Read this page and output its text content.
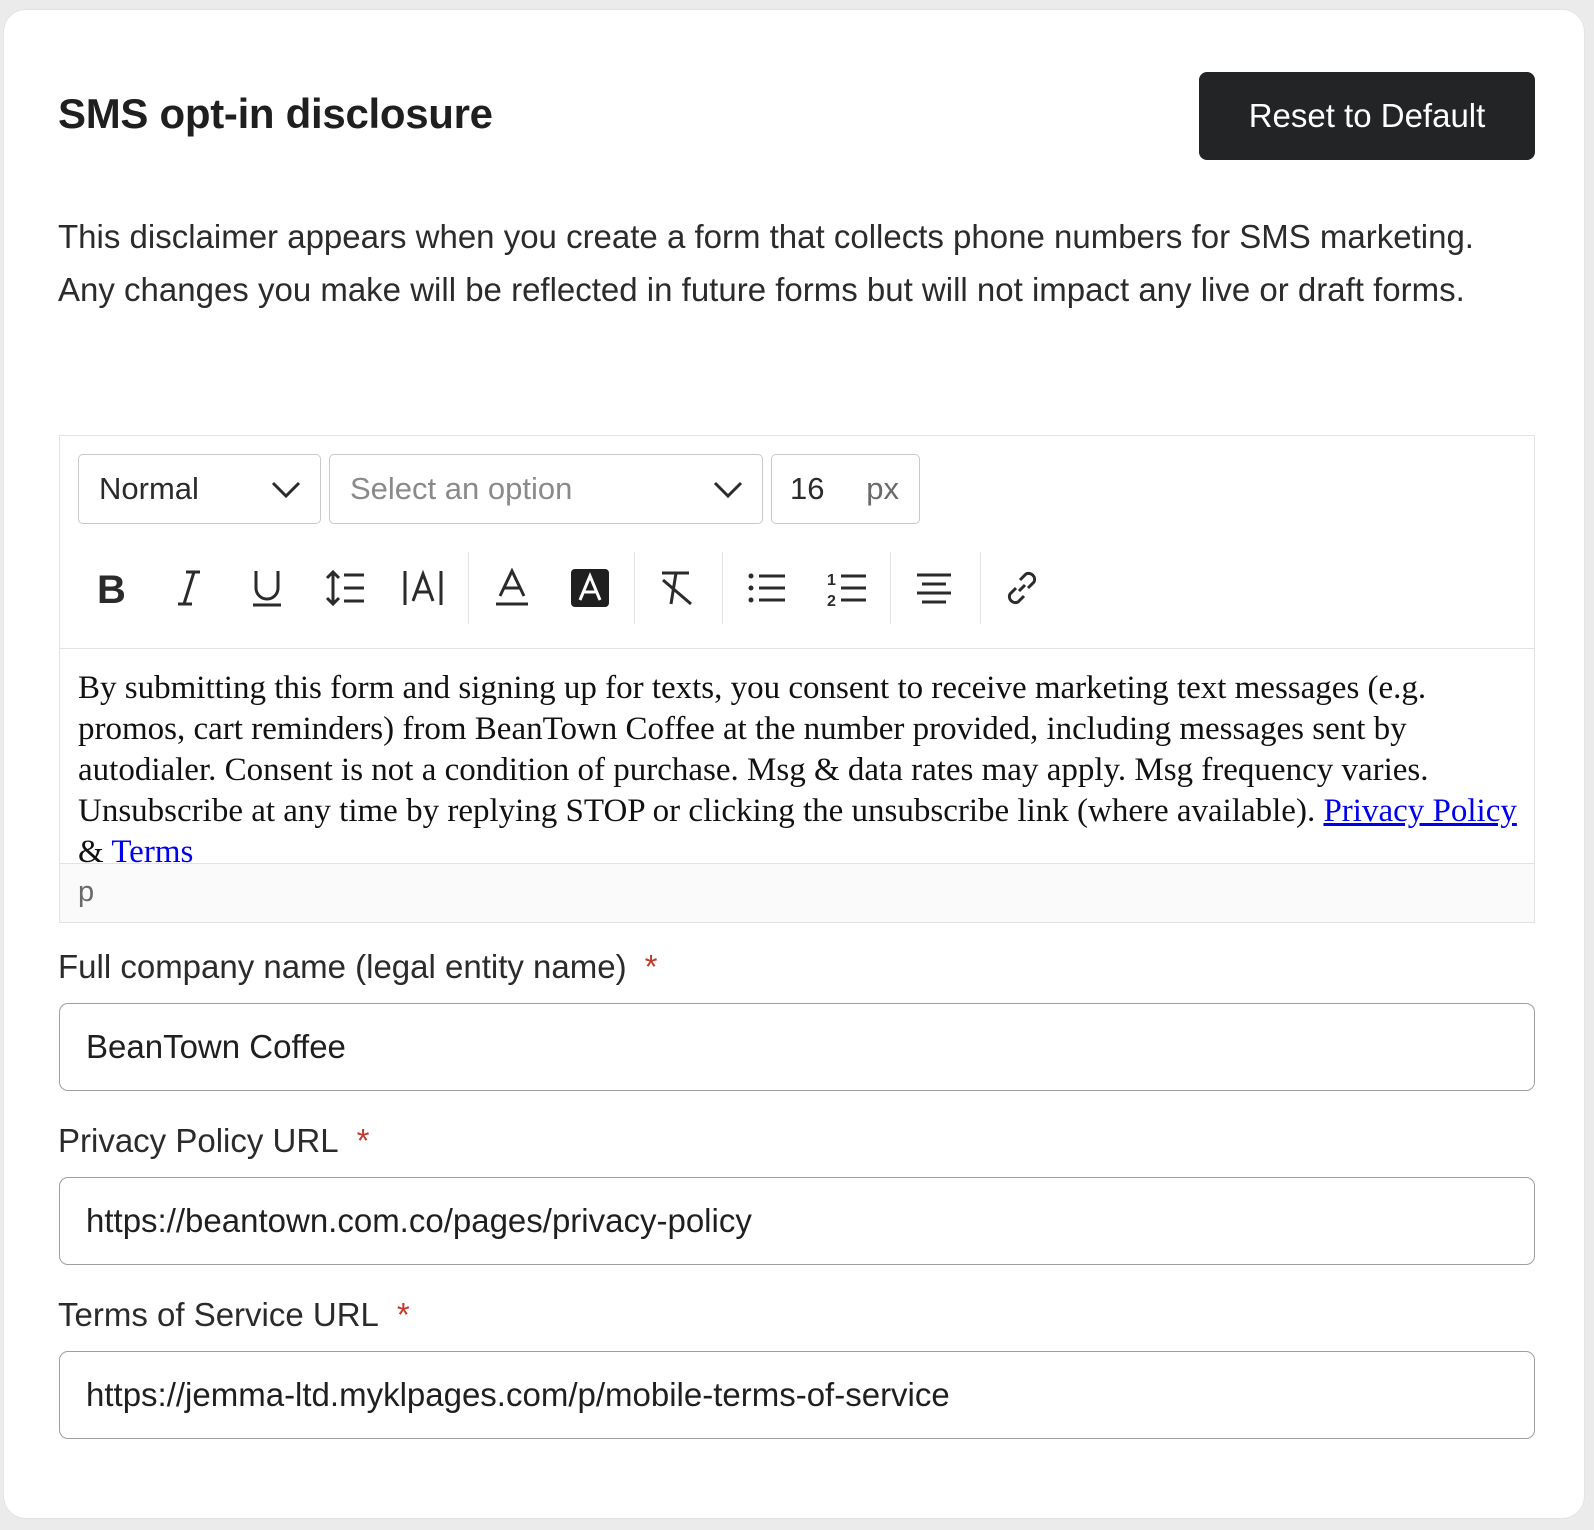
SMS opt-in disclosure	Reset to Default
This disclaimer appears when you create a form that collects phone numbers for SMS marketing. Any changes you make will be reflected in future forms but will not impact any live or draft forms.
Normal	Select an option	16 px
B	1
2
By submitting this form and signing up for texts, you consent to receive marketing text messages (e.g. promos, cart reminders) from BeanTown Coffee at the number provided, including messages sent by autodialer. Consent is not a condition of purchase. Msg & data rates may apply. Msg frequency varies. Unsubscribe at any time by replying STOP or clicking the unsubscribe link (where available). Privacy Policy & Terms
p
Full company name (legal entity name) *
BeanTown Coffee
Privacy Policy URL *
https://beantown.com.co/pages/privacy-policy
Terms of Service URL *
https://jemma-ltd.myklpages.com/p/mobile-terms-of-service
